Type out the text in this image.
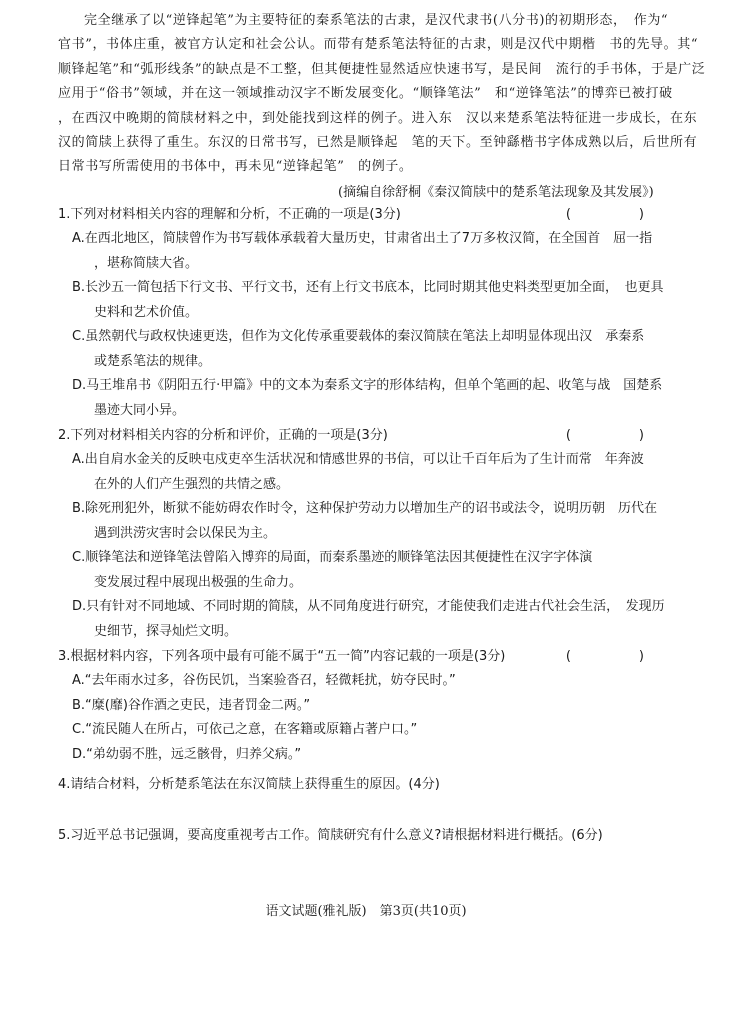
完全继承了以“逆锋起笔”为主要特征的秦系笔法的古隶，是汉代隶书(八分书)的初期形态，　作为“
官书”，书体庄重，被官方认定和社会公认。而带有楚系笔法特征的古隶，则是汉代中期楷　书的先导。其“
顺锋起笔”和“弧形线条”的缺点是不工整，但其便捷性显然适应快速书写，是民间　流行的手书体，于是广泛
应用于“俗书”领域，并在这一领域推动汉字不断发展变化。“顺锋笔法”　和“逆锋笔法”的博弈已被打破
，在西汉中晚期的简牍材料之中，到处能找到这样的例子。进入东　汉以来楚系笔法特征进一步成长，在东
汉的简牍上获得了重生。东汉的日常书写，已然是顺锋起　笔的天下。至钟繇楷书字体成熟以后，后世所有
日常书写所需使用的书体中，再未见“逆锋起笔”　的例子。
(摘编自徐舒桐《秦汉简牍中的楚系笔法现象及其发展》)
1.下列对材料相关内容的理解和分析，不正确的一项是(3分)	(　　)
A.在西北地区，简牍曾作为书写载体承载着大量历史，甘肃省出土了7万多枚汉简，在全国首　屈一指
，堪称简牍大省。
B.长沙五一简包括下行文书、平行文书，还有上行文书底本，比同时期其他史料类型更加全面，　也更具
史料和艺术价值。
C.虽然朝代与政权快速更迭，但作为文化传承重要载体的秦汉简牍在笔法上却明显体现出汉　承秦系
或楚系笔法的规律。
D.马王堆帛书《阴阳五行·甲篇》中的文本为秦系文字的形体结构，但单个笔画的起、收笔与战　国楚系
墨迹大同小异。
2.下列对材料相关内容的分析和评价，正确的一项是(3分)	(　　)
A.出自肩水金关的反映屯戍吏卒生活状况和情感世界的书信，可以让千百年后为了生计而常　年奔波
在外的人们产生强烈的共情之感。
B.除死刑犯外，断狱不能妨碍农作时令，这种保护劳动力以增加生产的诏书或法令，说明历朝　历代在
遇到洪涝灾害时会以保民为主。
C.顺锋笔法和逆锋笔法曾陷入博弈的局面，而秦系墨迹的顺锋笔法因其便捷性在汉字字体演
变发展过程中展现出极强的生命力。
D.只有针对不同地域、不同时期的简牍，从不同角度进行研究，才能使我们走进古代社会生活，　发现历
史细节，探寻灿烂文明。
3.根据材料内容，下列各项中最有可能不属于“五一简”内容记载的一项是(3分)	(　　)
A.“去年雨水过多，谷伤民饥，当案验沓召，轻微耗扰，妨夺民时。”
B.“糜(靡)谷作酒之吏民，违者罚金二两。”
C.“流民随人在所占，可依己之意，在客籍或原籍占著户口。”
D.“弟幼弱不胜，远乏骸骨，归养父病。”
4.请结合材料，分析楚系笔法在东汉简牍上获得重生的原因。(4分)
5.习近平总书记强调，要高度重视考古工作。简牍研究有什么意义?请根据材料进行概括。(6分)
语文试题(雅礼版)　第3页(共10页)
